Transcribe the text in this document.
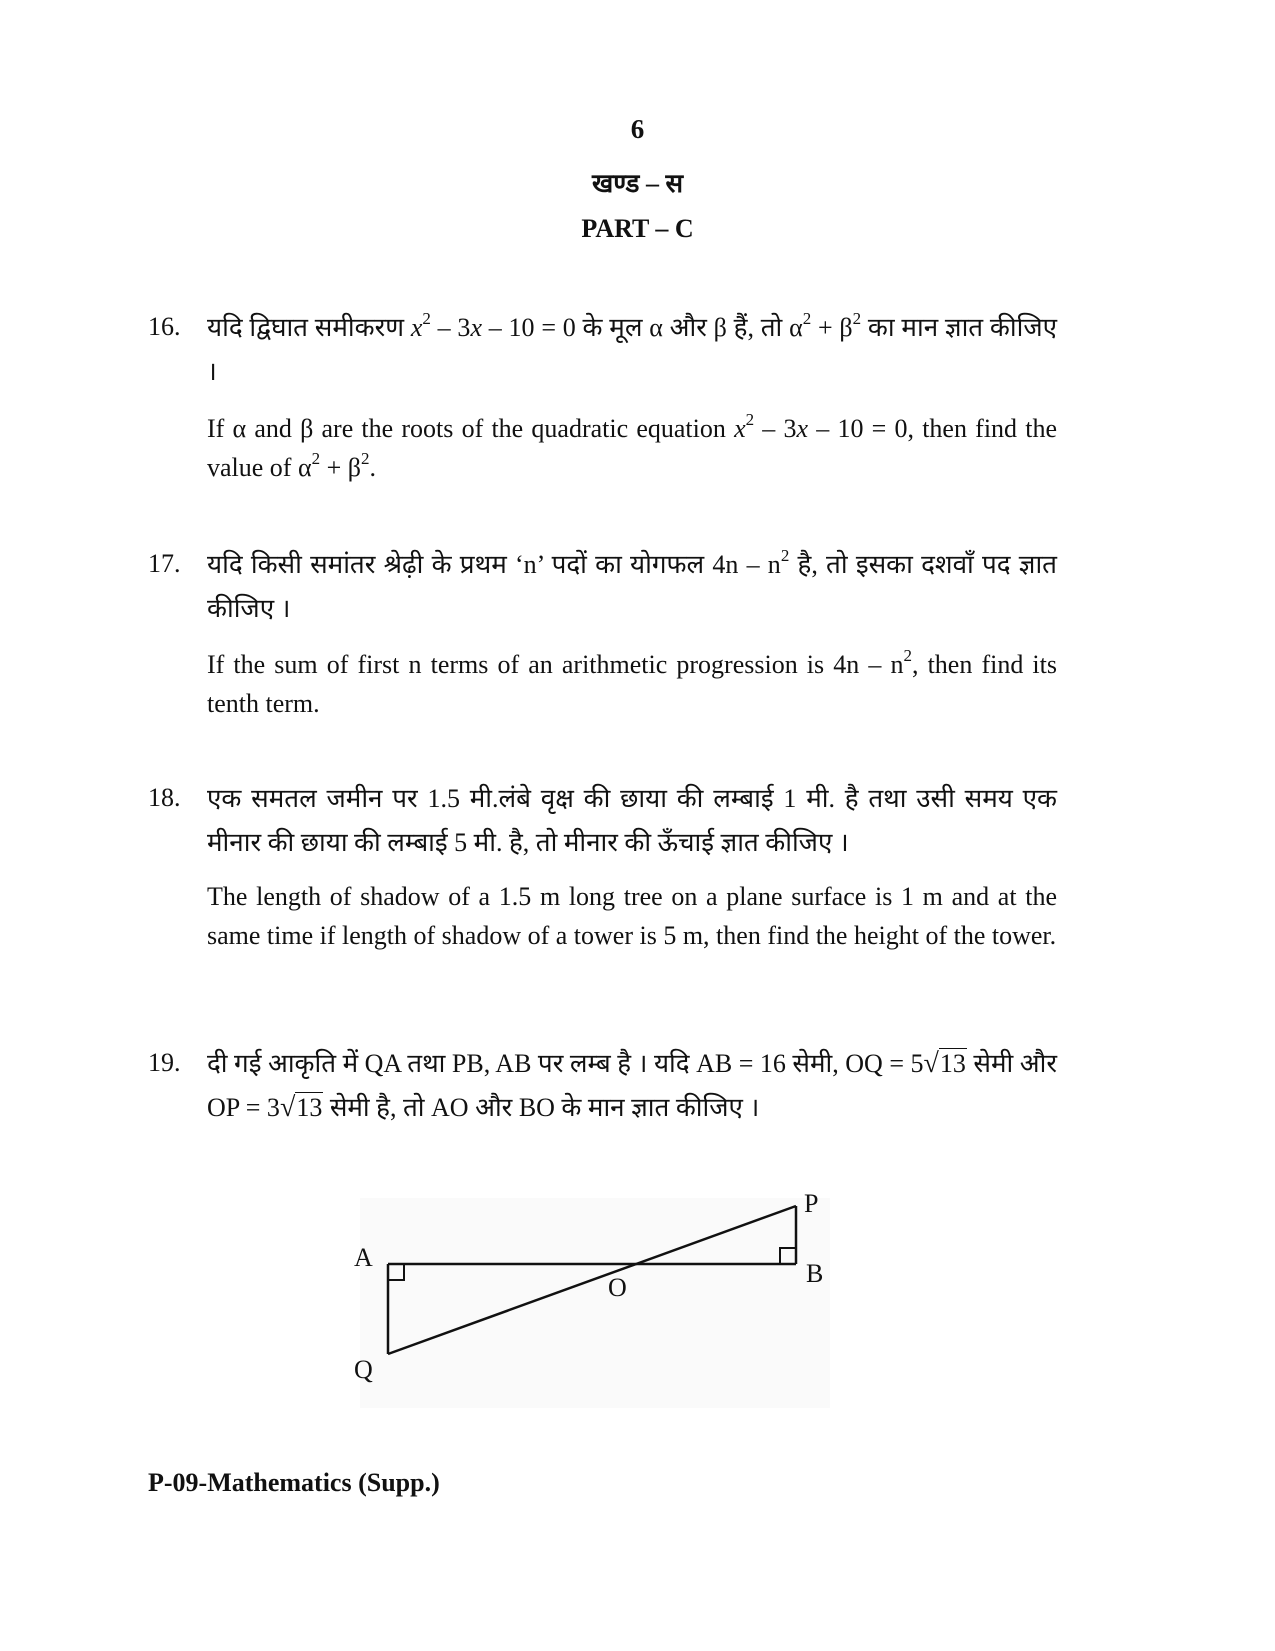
6
खण्ड – स
PART – C
16. यदि द्विघात समीकरण $x^2 - 3x - 10 = 0$ के मूल α और β हैं, तो $\alpha^2 + \beta^2$ का मान ज्ञात कीजिए ।
If α and β are the roots of the quadratic equation $x^2 - 3x - 10 = 0$, then find the value of $\alpha^2 + \beta^2$.
17. यदि किसी समांतर श्रेढ़ी के प्रथम ‘n’ पदों का योगफल $4n - n^2$ है, तो इसका दशवाँ पद ज्ञात कीजिए ।
If the sum of first n terms of an arithmetic progression is $4n - n^2$, then find its tenth term.
18. एक समतल जमीन पर 1.5 मी.लंबे वृक्ष की छाया की लम्बाई 1 मी. है तथा उसी समय एक मीनार की छाया की लम्बाई 5 मी. है, तो मीनार की ऊँचाई ज्ञात कीजिए ।
The length of shadow of a 1.5 m long tree on a plane surface is 1 m and at the same time if length of shadow of a tower is 5 m, then find the height of the tower.
19. दी गई आकृति में QA तथा PB, AB पर लम्ब है । यदि AB = 16 सेमी, OQ = 5√13 सेमी और OP = 3√13 सेमी है, तो AO और BO के मान ज्ञात कीजिए ।
A
B
O
P
Q
P-09-Mathematics (Supp.)
